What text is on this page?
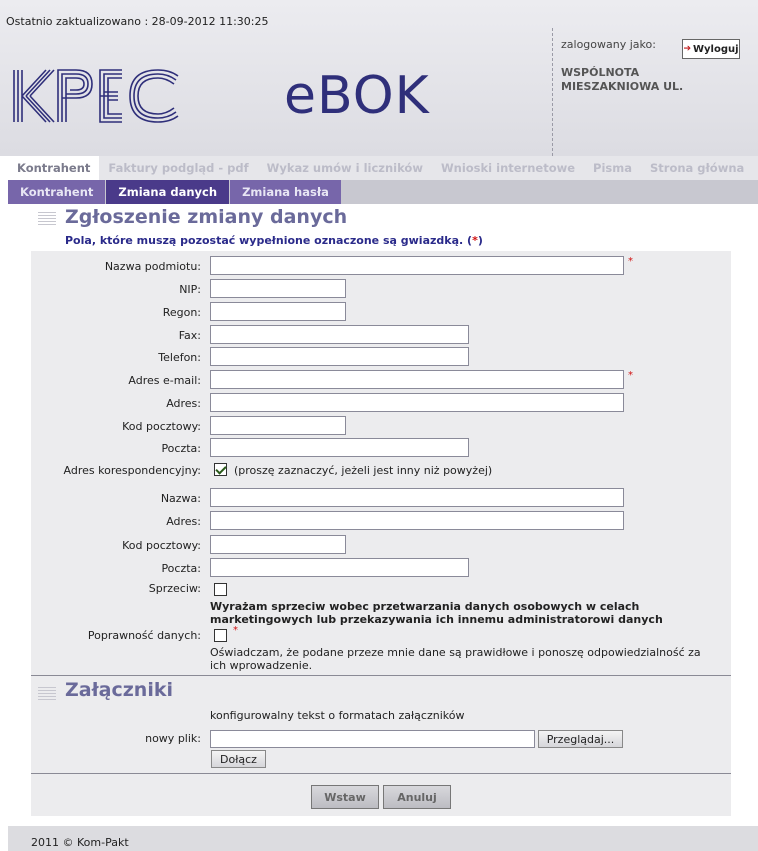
Ostatnio zaktualizowano : 28-09-2012 11:30:25
eBOK
zalogowany jako:	➔ Wyloguj
WSPÓLNOTA
MIESZAKNIOWA UL.
Kontrahent	Faktury podgląd - pdf	Wykaz umów i liczników	Wnioski internetowe	Pisma	Strona główna
Kontrahent	Zmiana danych	Zmiana hasła
Zgłoszenie zmiany danych
Pola, które muszą pozostać wypełnione oznaczone są gwiazdką. (*)
Nazwa podmiotu:	*
NIP:
Regon:
Fax:
Telefon:
Adres e-mail:	*
Adres:
Kod pocztowy:
Poczta:
Adres korespondencyjny:	(proszę zaznaczyć, jeżeli jest inny niż powyżej)
Nazwa:
Adres:
Kod pocztowy:
Poczta:
Sprzeciw:
Wyrażam sprzeciw wobec przetwarzania danych osobowych w celach
marketingowych lub przekazywania ich innemu administratorowi danych
Poprawność danych:	*
Oświadczam, że podane przeze mnie dane są prawidłowe i ponoszę odpowiedzialność za
ich wprowadzenie.
Załączniki
konfigurowalny tekst o formatach załączników
nowy plik:	Przeglądaj...
Dołącz
Wstaw	Anuluj
2011 © Kom-Pakt
